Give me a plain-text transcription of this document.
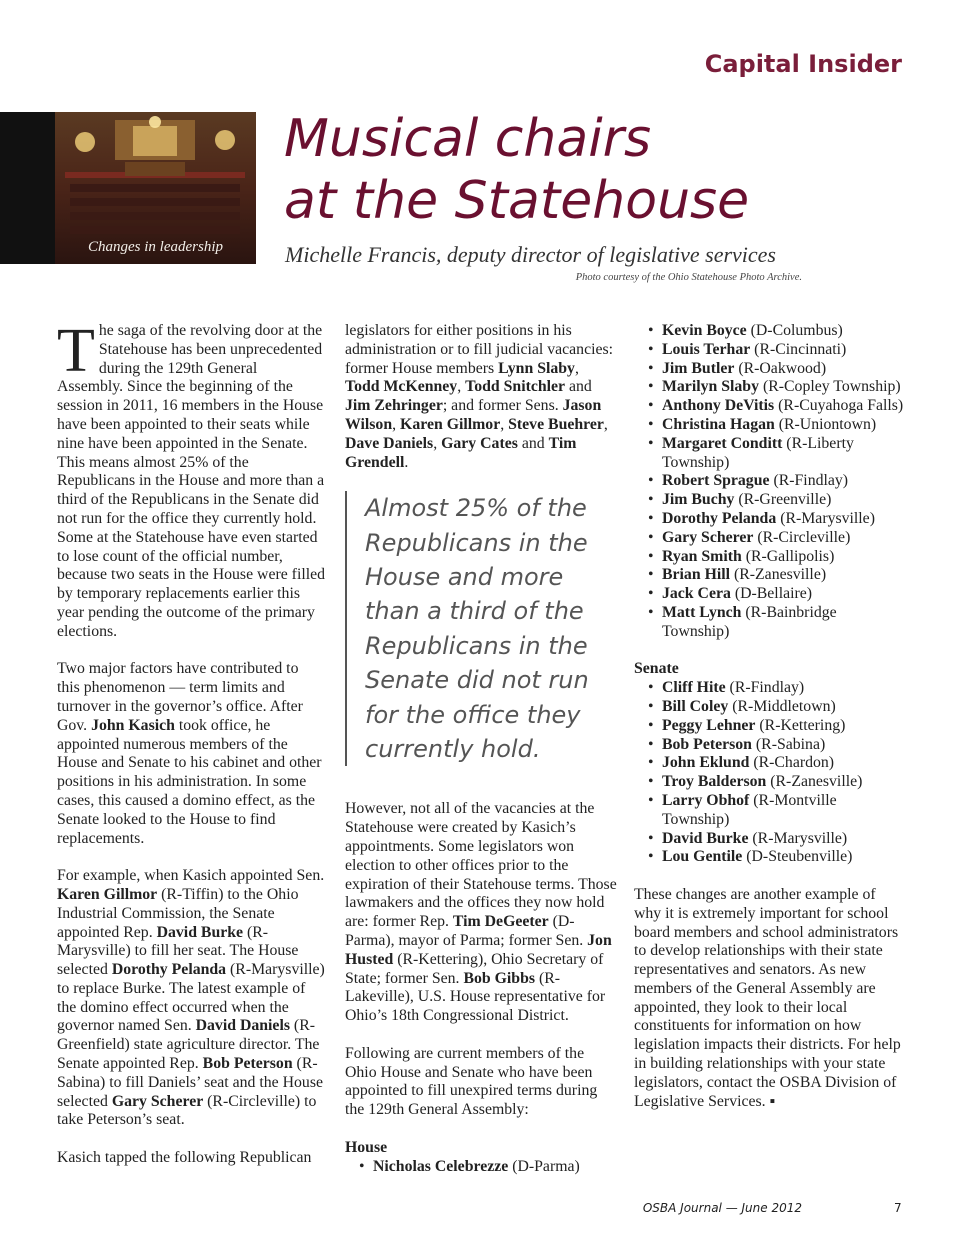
Capital Insider
Changes in leadership
Musical chairs
at the Statehouse
Michelle Francis, deputy director of legislative services
Photo courtesy of the Ohio Statehouse Photo Archive.

The saga of the revolving door at the Statehouse has been unprecedented during the 129th General Assembly. Since the beginning of the session in 2011, 16 members in the House have been appointed to their seats while nine have been appointed in the Senate. This means almost 25% of the Republicans in the House and more than a third of the Republicans in the Senate did not run for the office they currently hold. Some at the Statehouse have even started to lose count of the official number, because two seats in the House were filled by temporary replacements earlier this year pending the outcome of the primary elections.

Two major factors have contributed to this phenomenon — term limits and turnover in the governor’s office. After Gov. John Kasich took office, he appointed numerous members of the House and Senate to his cabinet and other positions in his administration. In some cases, this caused a domino effect, as the Senate looked to the House to find replacements.

For example, when Kasich appointed Sen. Karen Gillmor (R-Tiffin) to the Ohio Industrial Commission, the Senate appointed Rep. David Burke (R-Marysville) to fill her seat. The House selected Dorothy Pelanda (R-Marysville) to replace Burke. The latest example of the domino effect occurred when the governor named Sen. David Daniels (R-Greenfield) state agriculture director. The Senate appointed Rep. Bob Peterson (R-Sabina) to fill Daniels’ seat and the House selected Gary Scherer (R-Circleville) to take Peterson’s seat.

Kasich tapped the following Republican

legislators for either positions in his administration or to fill judicial vacancies: former House members Lynn Slaby, Todd McKenney, Todd Snitchler and Jim Zehringer; and former Sens. Jason Wilson, Karen Gillmor, Steve Buehrer, Dave Daniels, Gary Cates and Tim Grendell.

Almost 25% of the Republicans in the House and more than a third of the Republicans in the Senate did not run for the office they currently hold.

However, not all of the vacancies at the Statehouse were created by Kasich’s appointments. Some legislators won election to other offices prior to the expiration of their Statehouse terms. Those lawmakers and the offices they now hold are: former Rep. Tim DeGeeter (D-Parma), mayor of Parma; former Sen. Jon Husted (R-Kettering), Ohio Secretary of State; former Sen. Bob Gibbs (R-Lakeville), U.S. House representative for Ohio’s 18th Congressional District.

Following are current members of the Ohio House and Senate who have been appointed to fill unexpired terms during the 129th General Assembly:

House
• Nicholas Celebrezze (D-Parma)
• Kevin Boyce (D-Columbus)
• Louis Terhar (R-Cincinnati)
• Jim Butler (R-Oakwood)
• Marilyn Slaby (R-Copley Township)
• Anthony DeVitis (R-Cuyahoga Falls)
• Christina Hagan (R-Uniontown)
• Margaret Conditt (R-Liberty Township)
• Robert Sprague (R-Findlay)
• Jim Buchy (R-Greenville)
• Dorothy Pelanda (R-Marysville)
• Gary Scherer (R-Circleville)
• Ryan Smith (R-Gallipolis)
• Brian Hill (R-Zanesville)
• Jack Cera (D-Bellaire)
• Matt Lynch (R-Bainbridge Township)
Senate
• Cliff Hite (R-Findlay)
• Bill Coley (R-Middletown)
• Peggy Lehner (R-Kettering)
• Bob Peterson (R-Sabina)
• John Eklund (R-Chardon)
• Troy Balderson (R-Zanesville)
• Larry Obhof (R-Montville Township)
• David Burke (R-Marysville)
• Lou Gentile (D-Steubenville)

These changes are another example of why it is extremely important for school board members and school administrators to develop relationships with their state representatives and senators. As new members of the General Assembly are appointed, they look to their local constituents for information on how legislation impacts their districts. For help in building relationships with your state legislators, contact the OSBA Division of Legislative Services. ▪

OSBA Journal — June 2012	7
